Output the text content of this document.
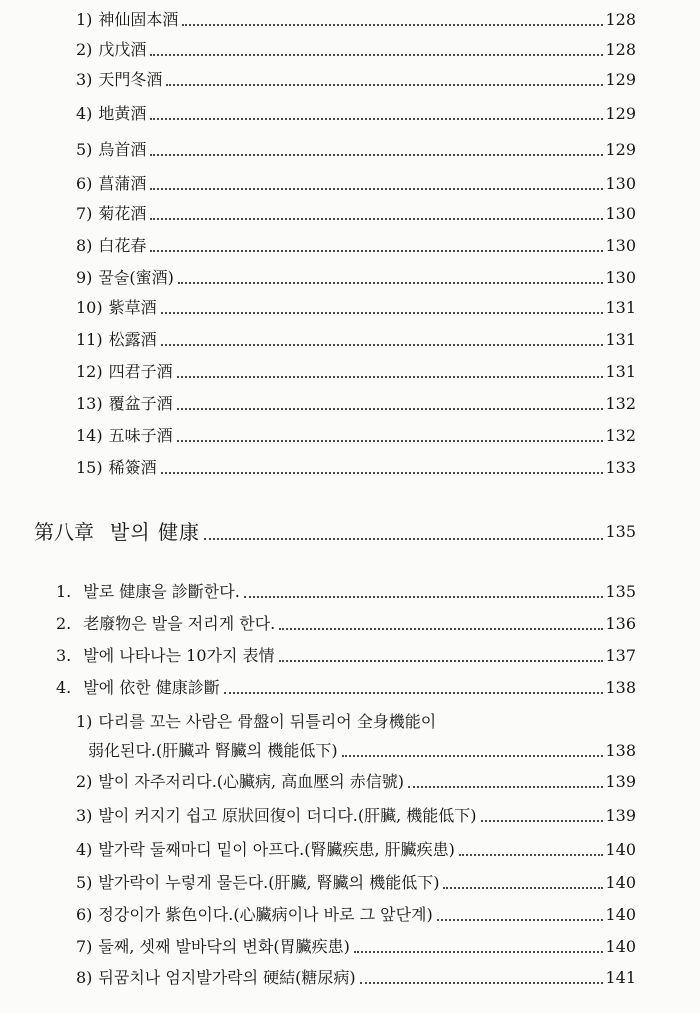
1) 神仙固本酒	128
2) 戊戊酒	128
3) 天門冬酒	129
4) 地黃酒	129
5) 烏首酒	129
6) 菖蒲酒	130
7) 菊花酒	130
8) 白花春	130
9) 꿀술(蜜酒)	130
10) 紫草酒	131
11) 松露酒	131
12) 四君子酒	131
13) 覆盆子酒	132
14) 五味子酒	132
15) 稀簽酒	133
第八章 발의 健康	135
1. 발로 健康을 診斷한다.	135
2. 老廢物은 발을 저리게 한다.	136
3. 발에 나타나는 10가지 表情	137
4. 발에 依한 健康診斷	138
1) 다리를 꼬는 사람은 骨盤이 뒤틀리어 全身機能이
弱化된다.(肝臟과 腎臟의 機能低下)	138
2) 발이 자주저리다.(心臟病, 高血壓의 赤信號)	139
3) 발이 커지기 쉽고 原狀回復이 더디다.(肝臟, 機能低下)	139
4) 발가락 둘째마디 밑이 아프다.(腎臟疾患, 肝臟疾患)	140
5) 발가락이 누렇게 물든다.(肝臟, 腎臟의 機能低下)	140
6) 정강이가 紫色이다.(心臟病이나 바로 그 앞단계)	140
7) 둘째, 셋째 발바닥의 변화(胃臟疾患)	140
8) 뒤꿈치나 엄지발가락의 硬結(糖尿病)	141
